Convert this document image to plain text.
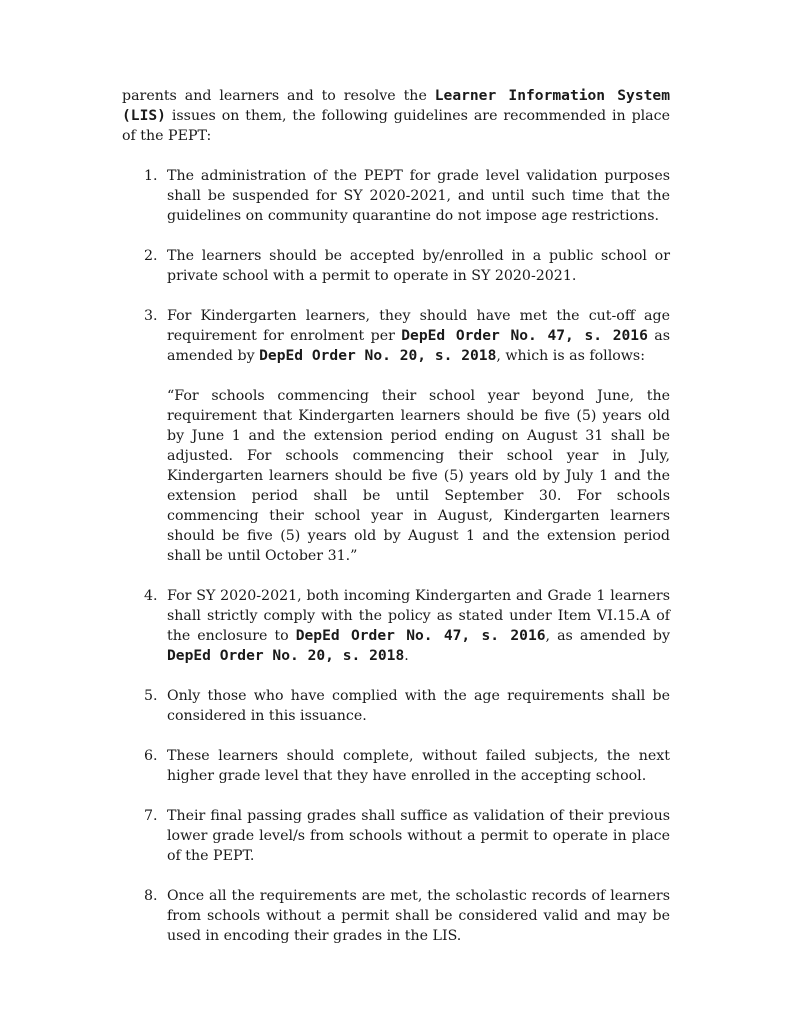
parents and learners and to resolve the Learner Information System (LIS) issues on them, the following guidelines are recommended in place of the PEPT:

1. The administration of the PEPT for grade level validation purposes shall be suspended for SY 2020-2021, and until such time that the guidelines on community quarantine do not impose age restrictions.
2. The learners should be accepted by/enrolled in a public school or private school with a permit to operate in SY 2020-2021.
3. For Kindergarten learners, they should have met the cut-off age requirement for enrolment per DepEd Order No. 47, s. 2016 as amended by DepEd Order No. 20, s. 2018, which is as follows:
“For schools commencing their school year beyond June, the requirement that Kindergarten learners should be five (5) years old by June 1 and the extension period ending on August 31 shall be adjusted. For schools commencing their school year in July, Kindergarten learners should be five (5) years old by July 1 and the extension period shall be until September 30. For schools commencing their school year in August, Kindergarten learners should be five (5) years old by August 1 and the extension period shall be until October 31.”
4. For SY 2020-2021, both incoming Kindergarten and Grade 1 learners shall strictly comply with the policy as stated under Item VI.15.A of the enclosure to DepEd Order No. 47, s. 2016, as amended by DepEd Order No. 20, s. 2018.
5. Only those who have complied with the age requirements shall be considered in this issuance.
6. These learners should complete, without failed subjects, the next higher grade level that they have enrolled in the accepting school.
7. Their final passing grades shall suffice as validation of their previous lower grade level/s from schools without a permit to operate in place of the PEPT.
8. Once all the requirements are met, the scholastic records of learners from schools without a permit shall be considered valid and may be used in encoding their grades in the LIS.
